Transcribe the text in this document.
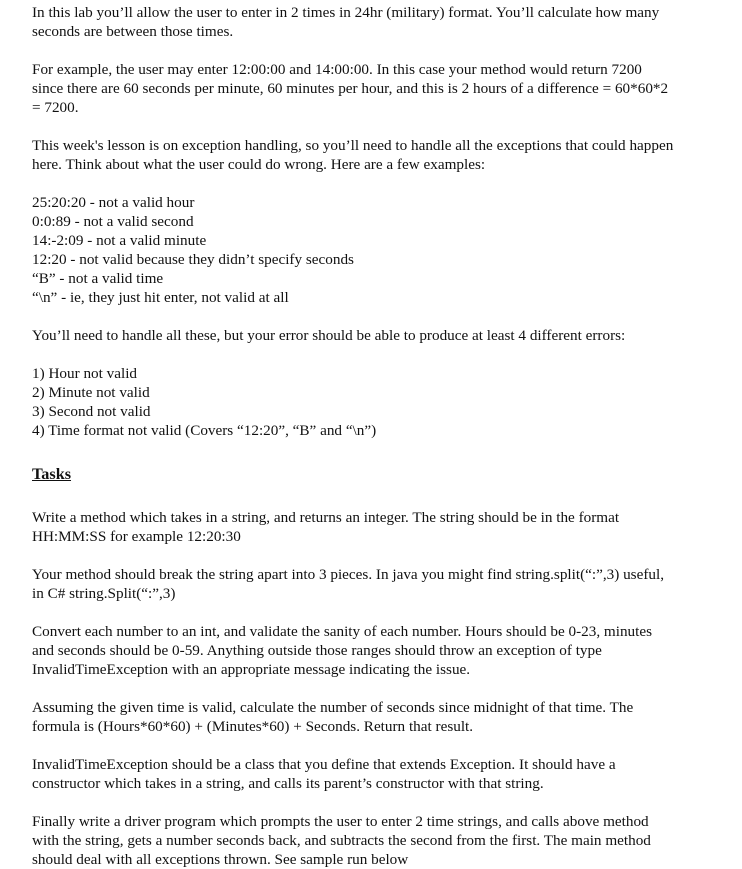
In this lab you’ll allow the user to enter in 2 times in 24hr (military) format. You’ll calculate how many

seconds are between those times.

For example, the user may enter 12:00:00 and 14:00:00. In this case your method would return 7200

since there are 60 seconds per minute, 60 minutes per hour, and this is 2 hours of a difference = 60*60*2

= 7200.

This week's lesson is on exception handling, so you’ll need to handle all the exceptions that could happen

here. Think about what the user could do wrong. Here are a few examples:

25:20:20 - not a valid hour

0:0:89 - not a valid second

14:-2:09 - not a valid minute

12:20 - not valid because they didn’t specify seconds

“B” - not a valid time

“\n” - ie, they just hit enter, not valid at all

You’ll need to handle all these, but your error should be able to produce at least 4 different errors:

1) Hour not valid

2) Minute not valid

3) Second not valid

4) Time format not valid (Covers “12:20”, “B” and “\n”)

Tasks

Write a method which takes in a string, and returns an integer. The string should be in the format

HH:MM:SS for example 12:20:30

Your method should break the string apart into 3 pieces. In java you might find string.split(“:”,3) useful,

in C# string.Split(“:”,3)

Convert each number to an int, and validate the sanity of each number. Hours should be 0-23, minutes

and seconds should be 0-59. Anything outside those ranges should throw an exception of type

InvalidTimeException with an appropriate message indicating the issue.

Assuming the given time is valid, calculate the number of seconds since midnight of that time. The

formula is (Hours*60*60) + (Minutes*60) + Seconds. Return that result.

InvalidTimeException should be a class that you define that extends Exception. It should have a

constructor which takes in a string, and calls its parent’s constructor with that string.

Finally write a driver program which prompts the user to enter 2 time strings, and calls above method

with the string, gets a number seconds back, and subtracts the second from the first. The main method

should deal with all exceptions thrown. See sample run below
